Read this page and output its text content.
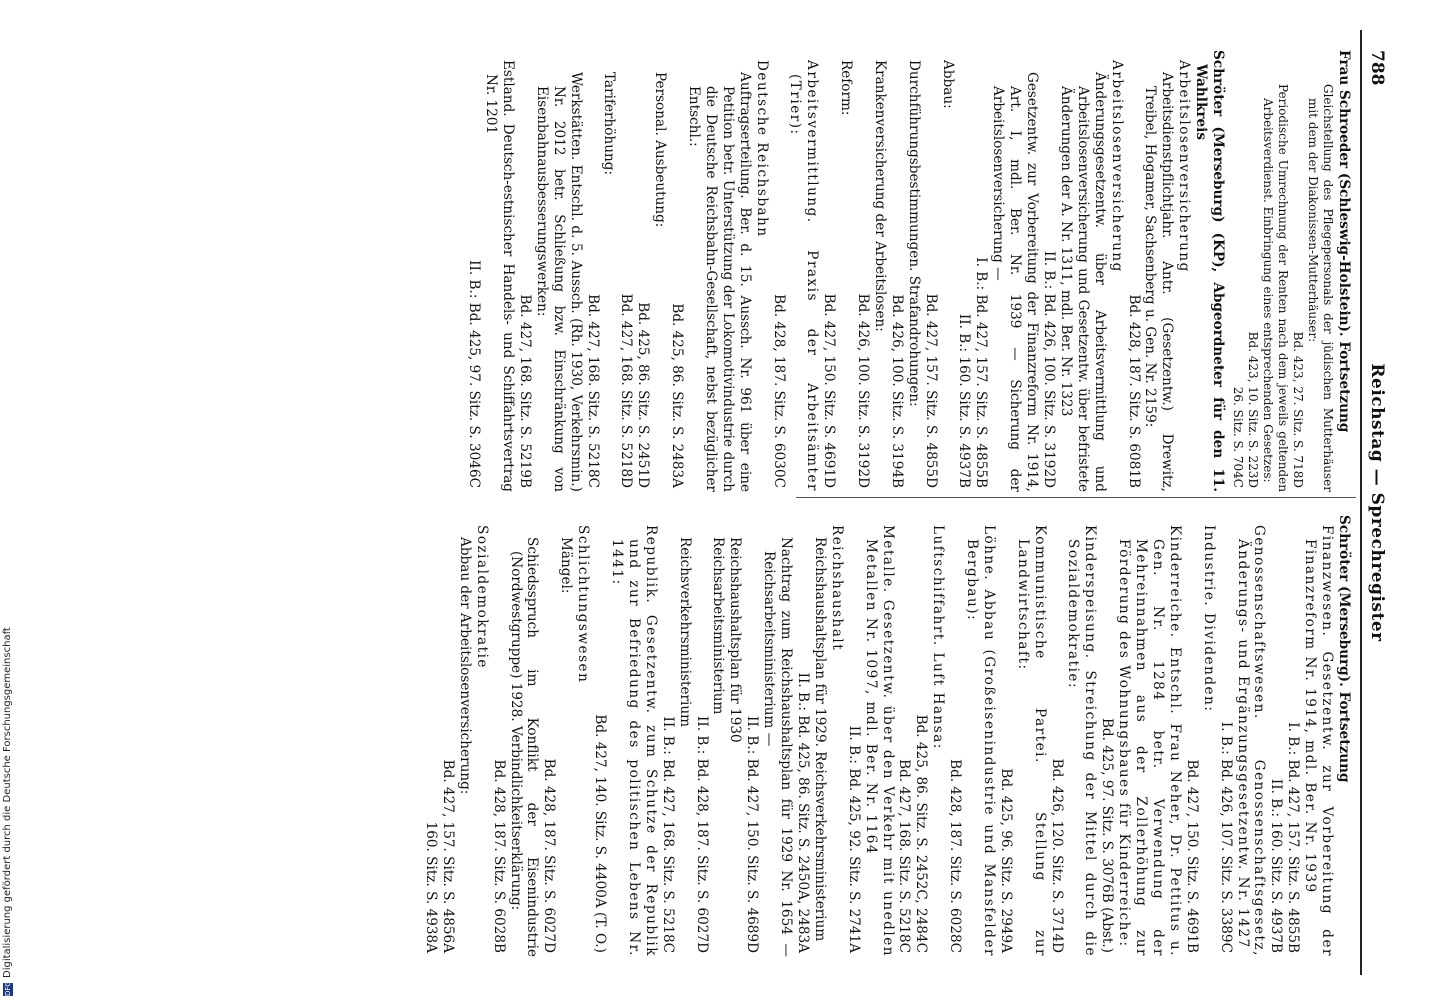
788
Reichstag — Sprechregister

Frau Schroeder (Schleswig-Holstein). Fortsetzung

Gleichstellung des Pflegepersonals der jüdischen Mutterhäuser mit dem der Diakonissen-Mutterhäuser:

Bd. 423, 27. Sitz. S. 718D

Periodische Umrechnung der Renten nach dem jeweils geltenden Arbeitsverdienst. Einbringung eines entsprechenden Gesetzes:

Bd. 423, 10. Sitz. S. 223D

26. Sitz. S. 704C

Schröter (Merseburg) (KP), Abgeordneter für den 11. Wahlkreis

Arbeitslosenversicherung

Arbeitsdienstpflichtjahr. Antr. (Gesetzentw.) Drewitz, Treibel, Hogamer, Sachsenberg u. Gen. Nr. 2159:

Bd. 428, 187. Sitz. S. 6081B

Arbeitslosenversicherung

Änderungsgesetzentw. über Arbeitsvermittlung und Arbeitslosenversicherung und Gesetzentw. über befristete Änderungen der A. Nr. 1311, mdl. Ber. Nr. 1323

II. B.: Bd. 426, 100. Sitz. S. 3192D

Gesetzentw. zur Vorbereitung der Finanzreform Nr. 1914, Art. I, mdl. Ber. Nr. 1939 — Sicherung der Arbeitslosenversicherung —

I. B.: Bd. 427, 157. Sitz. S. 4855B

II. B.: 160. Sitz. S. 4937B

Abbau:

Bd. 427, 157. Sitz. S. 4855D

Durchführungsbestimmungen. Strafandrohungen:

Bd. 426, 100. Sitz. S. 3194B

Krankenversicherung der Arbeitslosen:

Bd. 426, 100. Sitz. S. 3192D

Reform:

Bd. 427, 150. Sitz. S. 4691D

Arbeitsvermittlung. Praxis der Arbeitsämter (Trier):

Bd. 428, 187. Sitz. S. 6030C

Deutsche Reichsbahn

Auftragserteilung. Ber. d. 15. Aussch. Nr. 961 über eine Petition betr. Unterstützung der Lokomotivindustrie durch die Deutsche Reichsbahn-Gesellschaft, nebst bezüglicher Entschl.:

Bd. 425, 86. Sitz. S. 2483A

Personal. Ausbeutung:

Bd. 425, 86. Sitz. S. 2451D

Bd. 427, 168. Sitz. S. 5218D

Tariferhöhung:

Bd. 427, 168. Sitz. S. 5218C

Werkstätten. Entschl. d. 5. Aussch. (Rh. 1930, Verkehrsmin.) Nr. 2012 betr. Schließung bzw. Einschränkung von Eisenbahnausbesserungswerken:

Bd. 427, 168. Sitz. S. 5219B

Estland. Deutsch-estnischer Handels- und Schiffahrtsvertrag Nr. 1201

II. B.: Bd. 425, 97. Sitz. S. 3046C

Schröter (Merseburg). Fortsetzung

Finanzwesen. Gesetzentw. zur Vorbereitung der Finanzreform Nr. 1914, mdl. Ber. Nr. 1939

I. B.: Bd. 427, 157. Sitz. S. 4855B

II. B.: 160. Sitz. S. 4937B

Genossenschaftswesen. Genossenschaftsgesetz, Änderungs- und Ergänzungsgesetzentw. Nr. 1427

I. B.: Bd. 426, 107. Sitz. S. 3389C

Industrie. Dividenden:

Bd. 427, 150. Sitz. S. 4691B

Kinderreiche. Entschl. Frau Neher, Dr. Pettitus u. Gen. Nr. 1284 betr. Verwendung der Mehreinnahmen aus der Zollerhöhung zur Förderung des Wohnungsbaues für Kinderreiche:

Bd. 425, 97. Sitz. S. 3076B (Abst.)

Kinderspeisung. Streichung der Mittel durch die Sozialdemokratie:

Bd. 426, 120. Sitz. S. 3714D

Kommunistische Partei. Stellung zur Landwirtschaft:

Bd. 425, 96. Sitz. S. 2949A

Löhne. Abbau (Großeisenindustrie und Mansfelder Bergbau):

Bd. 428, 187. Sitz. S. 6028C

Luftschiffahrt. Luft Hansa:

Bd. 425, 86. Sitz. S. 2452C, 2484C

Bd. 427, 168. Sitz. S. 5218C

Metalle. Gesetzentw. über den Verkehr mit unedlen Metallen Nr. 1097, mdl. Ber. Nr. 1164

II. B.: Bd. 425, 92. Sitz. S. 2741A

Reichshaushalt

Reichshaushaltsplan für 1929. Reichsverkehrsministerium

II. B.: Bd. 425, 86. Sitz. S. 2450A, 2483A

Nachtrag zum Reichshaushaltsplan für 1929 Nr. 1654 — Reichsarbeitsministerium —

II. B.: Bd. 427, 150. Sitz. S. 4689D

Reichshaushaltsplan für 1930

Reichsarbeitsministerium

II. B.: Bd. 428, 187. Sitz. S. 6027D

Reichsverkehrsministerium

II. B.: Bd. 427, 168. Sitz. S. 5218C

Republik. Gesetzentw. zum Schutze der Republik und zur Befriedung des politischen Lebens Nr. 1441:

Bd. 427, 140. Sitz. S. 4400A (T. O.)

Schlichtungswesen

Mängel:

Bd. 428, 187. Sitz. S. 6027D

Schiedsspruch im Konflikt der Eisenindustrie (Nordwestgruppe) 1928. Verbindlichkeitserklärung:

Bd. 428, 187. Sitz. S. 6028B

Sozialdemokratie

Abbau der Arbeitslosenversicherung:

Bd. 427, 157. Sitz. S. 4856A

160. Sitz. S. 4938A

DFG
Digitalisierung gefördert durch die Deutsche Forschungsgemeinschaft
